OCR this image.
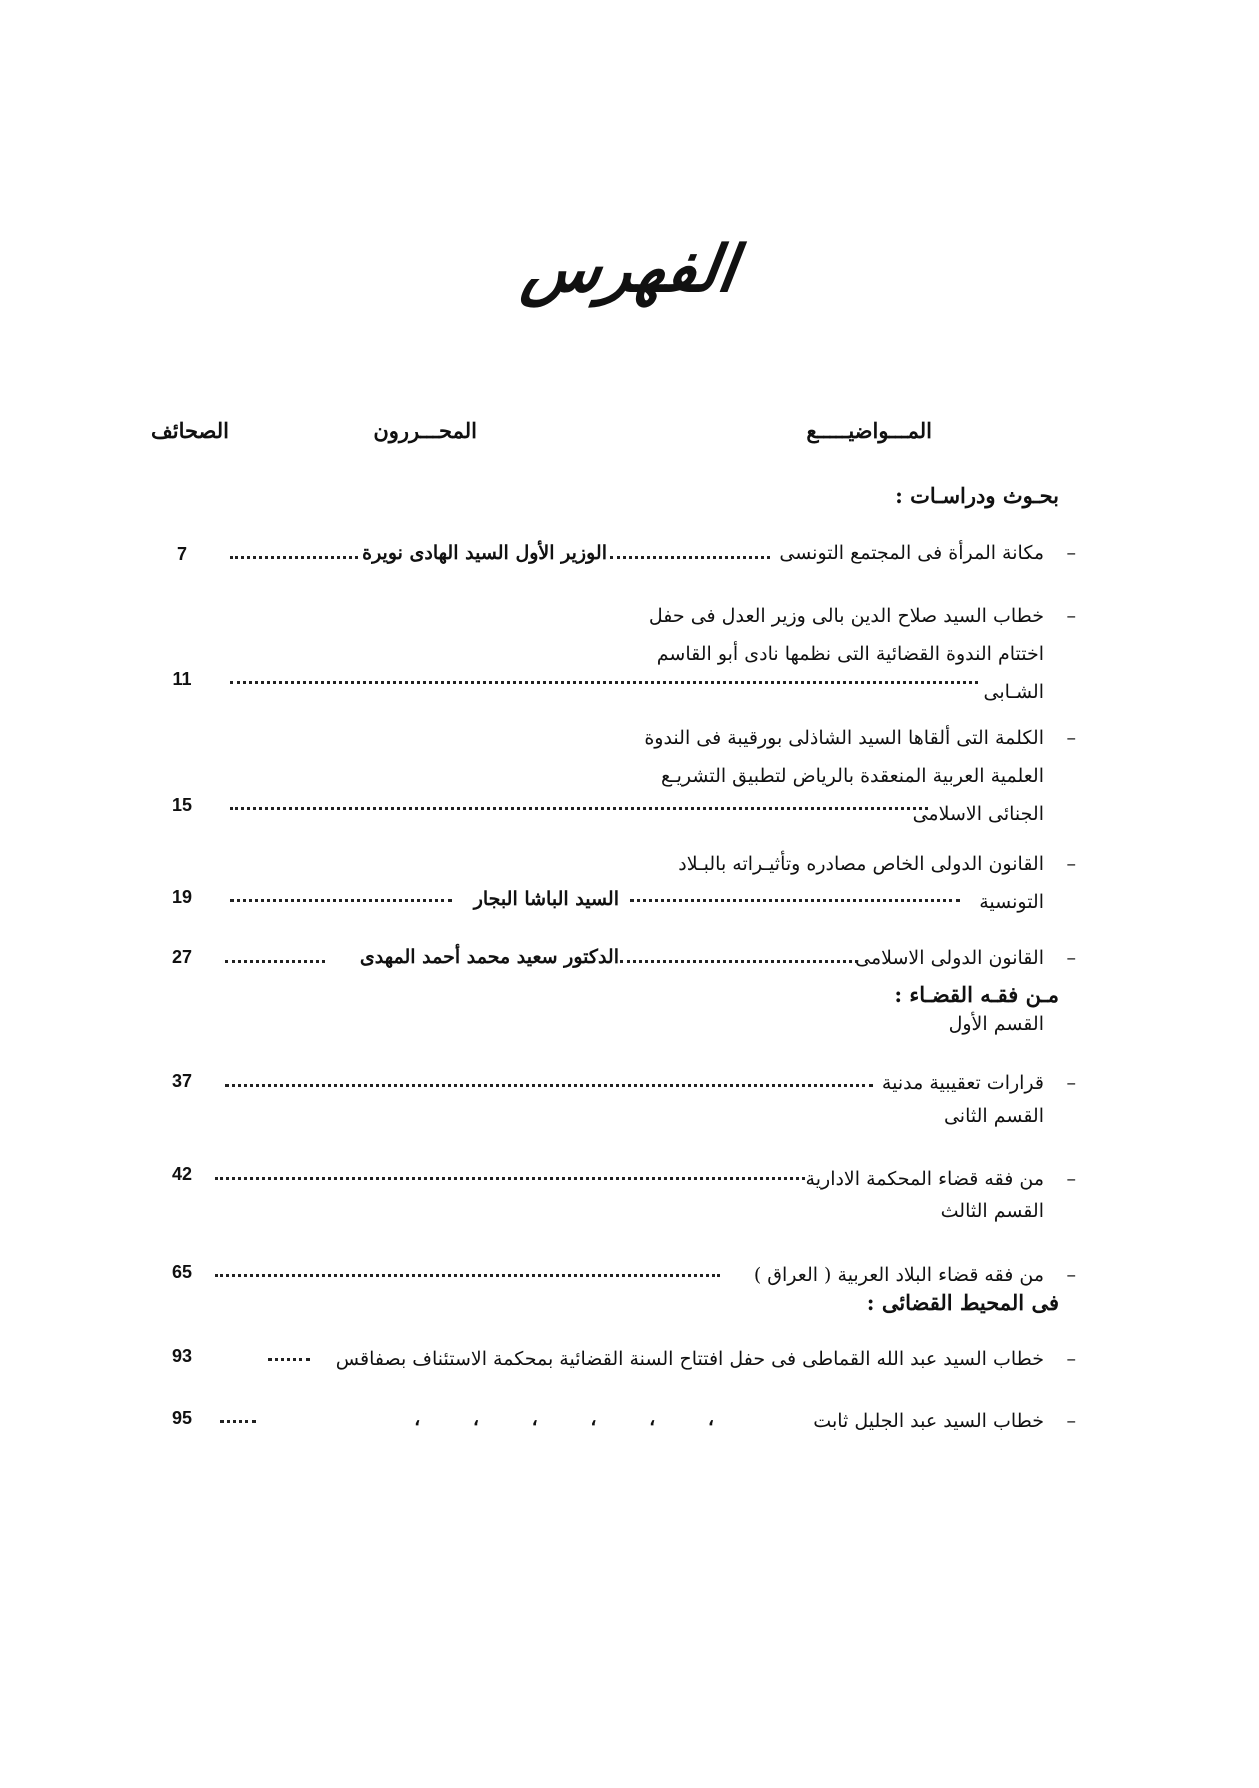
الفهرس
المـــواضيـــــع
المحـــررون
الصحائف
بحـوث ودراسـات :
–
مكانة المرأة فى المجتمع التونسى
الوزير الأول السيد الهادى نويرة
7
–
خطاب السيد صلاح الدين بالى وزير العدل فى حفل
اختتام الندوة القضائية التى نظمها نادى أبو القاسم
الشـابى
11
–
الكلمة التى ألقاها السيد الشاذلى بورقيبة فى الندوة
العلمية العربية المنعقدة بالرياض لتطبيق التشريـع
الجنائى الاسلامى
15
–
القانون الدولى الخاص مصادره وتأثيـراته بالبـلاد
التونسية
السيد الباشا البجار
19
–
القانون الدولى الاسلامى
الدكتور سعيد محمد أحمد المهدى
27
مـن فقـه القضـاء :
القسم الأول
–
قرارات تعقيبية مدنية
37
القسم الثانى
–
من فقه قضاء المحكمة الادارية
42
القسم الثالث
–
من فقه قضاء البلاد العربية ( العراق )
65
فى المحيط القضائى :
–
خطاب السيد عبد الله القماطى فى حفل افتتاح السنة القضائية بمحكمة الاستئناف بصفاقس
93
–
خطاب السيد عبد الجليل ثابت
، ، ، ، ، ،
95
